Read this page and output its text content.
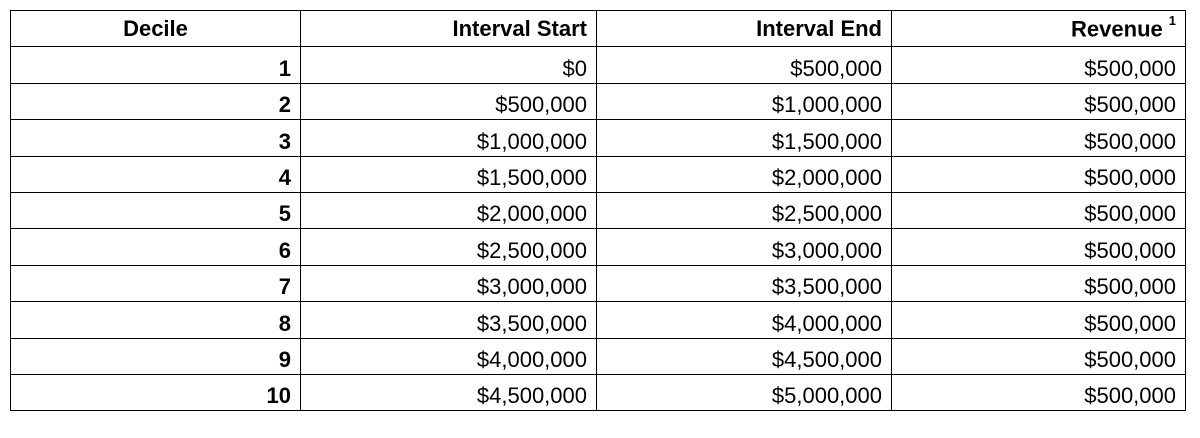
Decile	Interval Start	Interval End	Revenue $^1$
1	$0	$500,000	$500,000
2	$500,000	$1,000,000	$500,000
3	$1,000,000	$1,500,000	$500,000
4	$1,500,000	$2,000,000	$500,000
5	$2,000,000	$2,500,000	$500,000
6	$2,500,000	$3,000,000	$500,000
7	$3,000,000	$3,500,000	$500,000
8	$3,500,000	$4,000,000	$500,000
9	$4,000,000	$4,500,000	$500,000
10	$4,500,000	$5,000,000	$500,000
